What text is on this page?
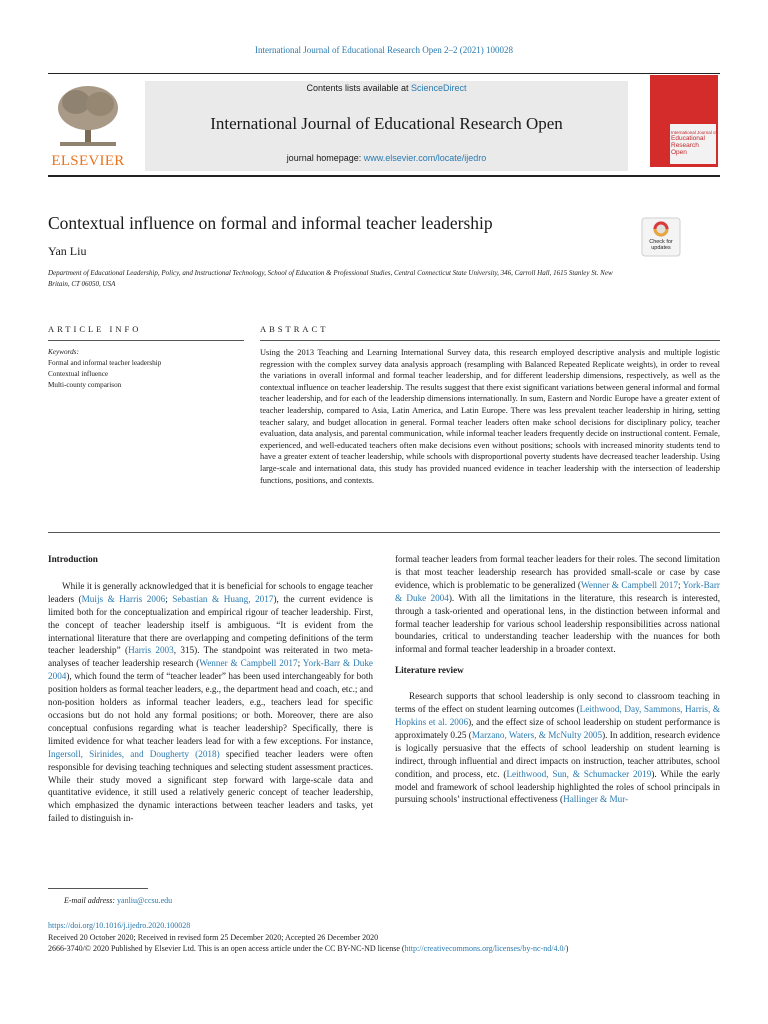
International Journal of Educational Research Open 2–2 (2021) 100028
ELSEVIER
Contents lists available at ScienceDirect
International Journal of Educational Research Open
journal homepage: www.elsevier.com/locate/ijedro
International Journal of
Educational
Research
Open
Contextual influence on formal and informal teacher leadership
Yan Liu
Department of Educational Leadership, Policy, and Instructional Technology, School of Education & Professional Studies, Central Connecticut State University, 346, Carroll Hall, 1615 Stanley St. New Britain, CT 06050, USA
Check for updates
ARTICLE INFO	ABSTRACT
Keywords:
Formal and informal teacher leadership
Contextual influence
Multi-county comparison
Using the 2013 Teaching and Learning International Survey data, this research employed descriptive analysis and multiple logistic regression with the complex survey data analysis approach (resampling with Balanced Repeated Replicate weights), in order to reveal the variations in overall informal and formal teacher leadership, and for different leadership dimensions, respectively, as well as the contextual influence on teacher leadership. The results suggest that there exist significant variations between general informal and formal teacher leadership, and for each of the leadership dimensions internationally. In sum, Eastern and Nordic Europe have a greater extent of teacher leadership, compared to Asia, Latin America, and Latin Europe. There was less prevalent teacher leadership in hiring, setting teacher salary, and budget allocation in general. Formal teacher leaders often make school decisions for disciplinary policy, teacher evaluation, data analysis, and parental communication, while informal teacher leaders frequently decide on instructional content. Female, experienced, and well-educated teachers often make decisions even without positions; schools with increased minority students tend to have a greater extent of teacher leadership, while schools with disproportional poverty students have decreased teacher leadership. Using large-scale and international data, this study has provided nuanced evidence in teacher leadership with the intersection of leadership functions, positions, and contexts.
Introduction

While it is generally acknowledged that it is beneficial for schools to engage teacher leaders (Muijs & Harris 2006; Sebastian & Huang, 2017), the current evidence is limited both for the conceptualization and empirical rigour of teacher leadership. First, the concept of teacher leadership itself is ambiguous. “It is evident from the international literature that there are overlapping and competing definitions of the term teacher leadership” (Harris 2003, 315). The standpoint was reiterated in two meta-analyses of teacher leadership research (Wenner & Campbell 2017; York-Barr & Duke 2004), which found the term of “teacher leader” has been used interchangeably for both position holders as formal teacher leaders, e.g., the department head and coach, etc.; and non-position holders as informal teacher leaders, e.g., teachers lead for specific occasions but do not hold any formal positions; or both. Moreover, there are also conceptual confusions regarding what is teacher leadership? Specifically, there is limited evidence for what teacher leaders lead for with a few exceptions. For instance, Ingersoll, Sirinides, and Dougherty (2018) specified teacher leaders were often responsible for devising teaching techniques and selecting student assessment practices. While their study moved a significant step forward with large-scale data and quantitative evidence, it still used a relatively generic concept of teacher leadership, which emphasized the dynamic interactions between teacher leaders and tasks, yet failed to distinguish in-

formal teacher leaders from formal teacher leaders for their roles. The second limitation is that most teacher leadership research has provided small-scale or case by case evidence, which is problematic to be generalized (Wenner & Campbell 2017; York-Barr & Duke 2004). With all the limitations in the literature, this research is interested, through a task-oriented and operational lens, in the distinction between informal and formal teacher leadership for various school leadership responsibilities across national boundaries, critical to understanding teacher leadership with the nuances for both informal and formal teacher leadership in a broader context.

Literature review

Research supports that school leadership is only second to classroom teaching in terms of the effect on student learning outcomes (Leithwood, Day, Sammons, Harris, & Hopkins et al. 2006), and the effect size of school leadership on student performance is approximately 0.25 (Marzano, Waters, & McNulty 2005). In addition, research evidence is logically persuasive that the effects of school leadership on student learning is indirect, through influential and direct impacts on instruction, teacher attributes, school condition, and process, etc. (Leithwood, Sun, & Schumacker 2019). While the early model and framework of school leadership highlighted the roles of school principals in pursuing schools’ instructional effectiveness (Hallinger & Mur-

E-mail address: yanliu@ccsu.edu
https://doi.org/10.1016/j.ijedro.2020.100028
Received 20 October 2020; Received in revised form 25 December 2020; Accepted 26 December 2020
2666-3740/© 2020 Published by Elsevier Ltd. This is an open access article under the CC BY-NC-ND license (http://creativecommons.org/licenses/by-nc-nd/4.0/)
